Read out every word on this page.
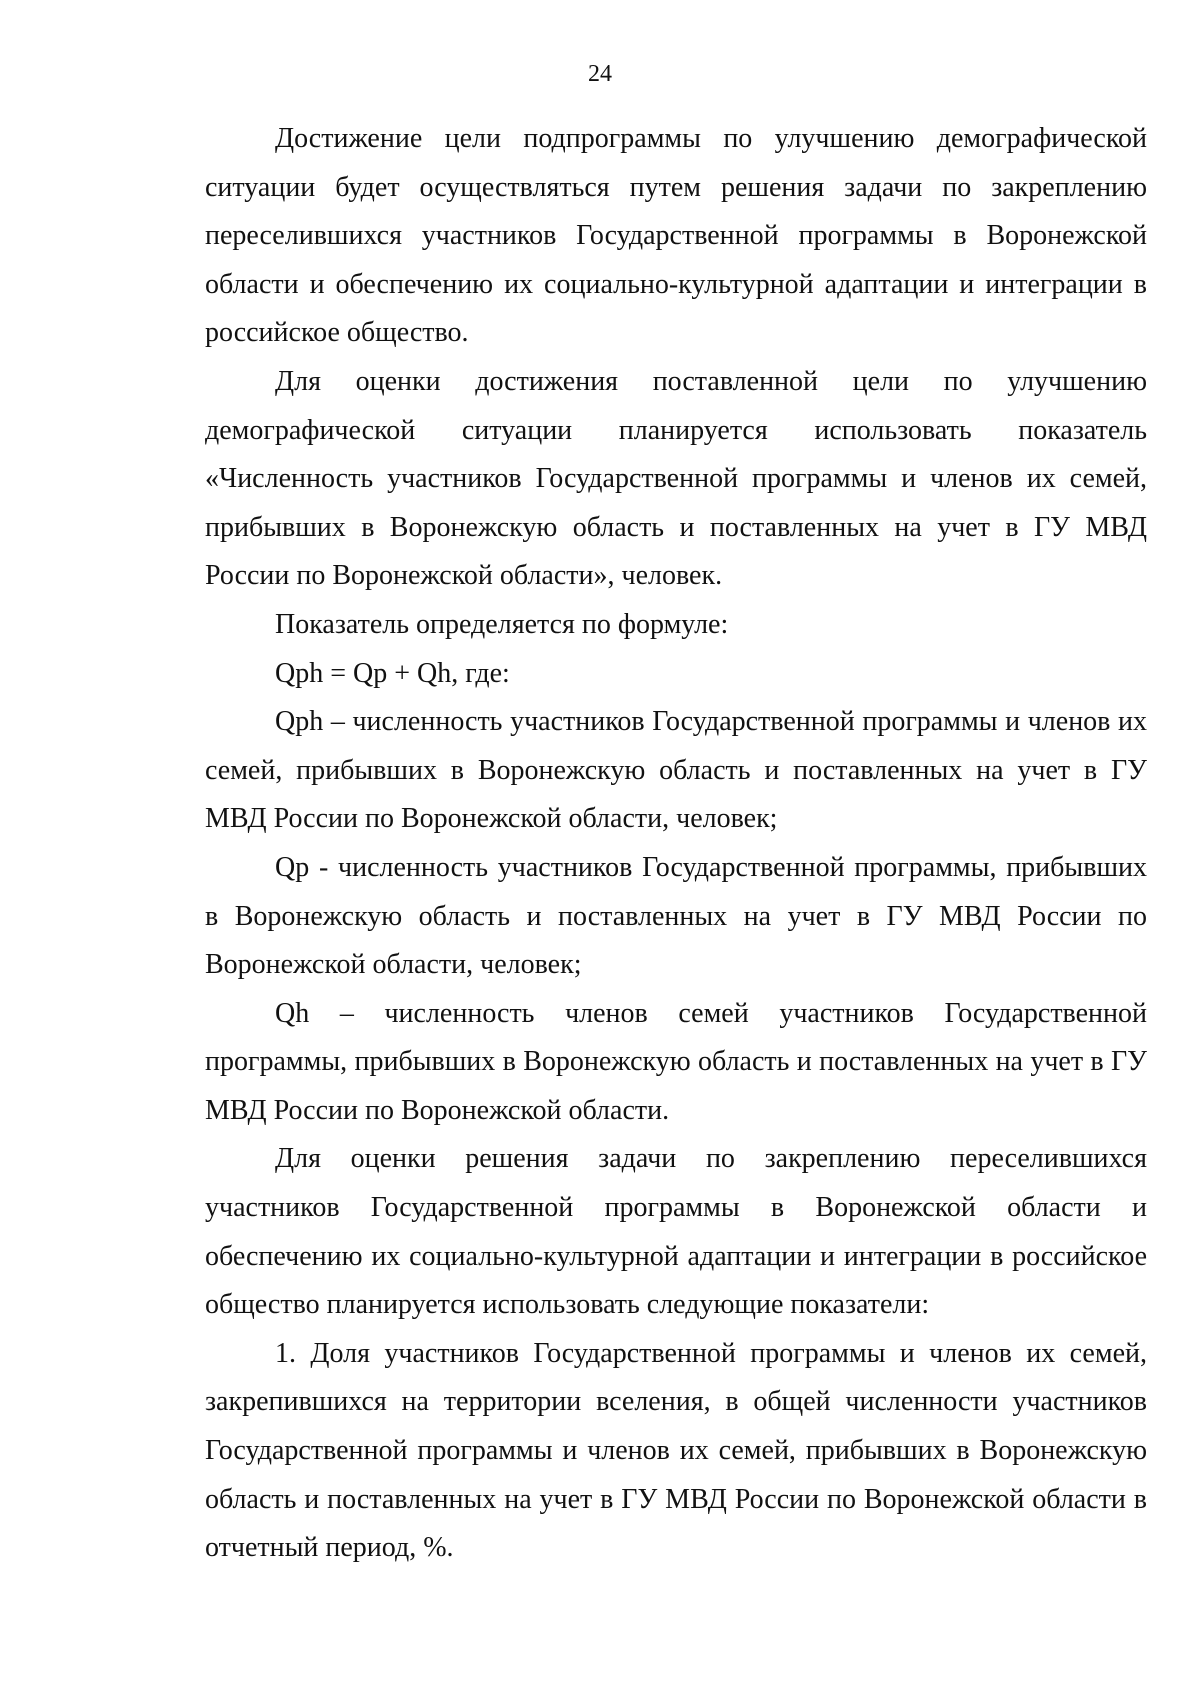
24

Достижение цели подпрограммы по улучшению демографической ситуации будет осуществляться путем решения задачи по закреплению переселившихся участников Государственной программы в Воронежской области и обеспечению их социально-культурной адаптации и интеграции в российское общество.

Для оценки достижения поставленной цели по улучшению демографической ситуации планируется использовать показатель «Численность участников Государственной программы и членов их семей, прибывших в Воронежскую область и поставленных на учет в ГУ МВД России по Воронежской области», человек.

Показатель определяется по формуле:

Qph = Qp + Qh, где:

Qph – численность участников Государственной программы и членов их семей, прибывших в Воронежскую область и поставленных на учет в ГУ МВД России по Воронежской области, человек;

Qp - численность участников Государственной программы, прибывших в Воронежскую область и поставленных на учет в ГУ МВД России по Воронежской области, человек;

Qh – численность членов семей участников Государственной программы, прибывших в Воронежскую область и поставленных на учет в ГУ МВД России по Воронежской области.

Для оценки решения задачи по закреплению переселившихся участников Государственной программы в Воронежской области и обеспечению их социально-культурной адаптации и интеграции в российское общество планируется использовать следующие показатели:

1. Доля участников Государственной программы и членов их семей, закрепившихся на территории вселения, в общей численности участников Государственной программы и членов их семей, прибывших в Воронежскую область и поставленных на учет в ГУ МВД России по Воронежской области в отчетный период, %.
